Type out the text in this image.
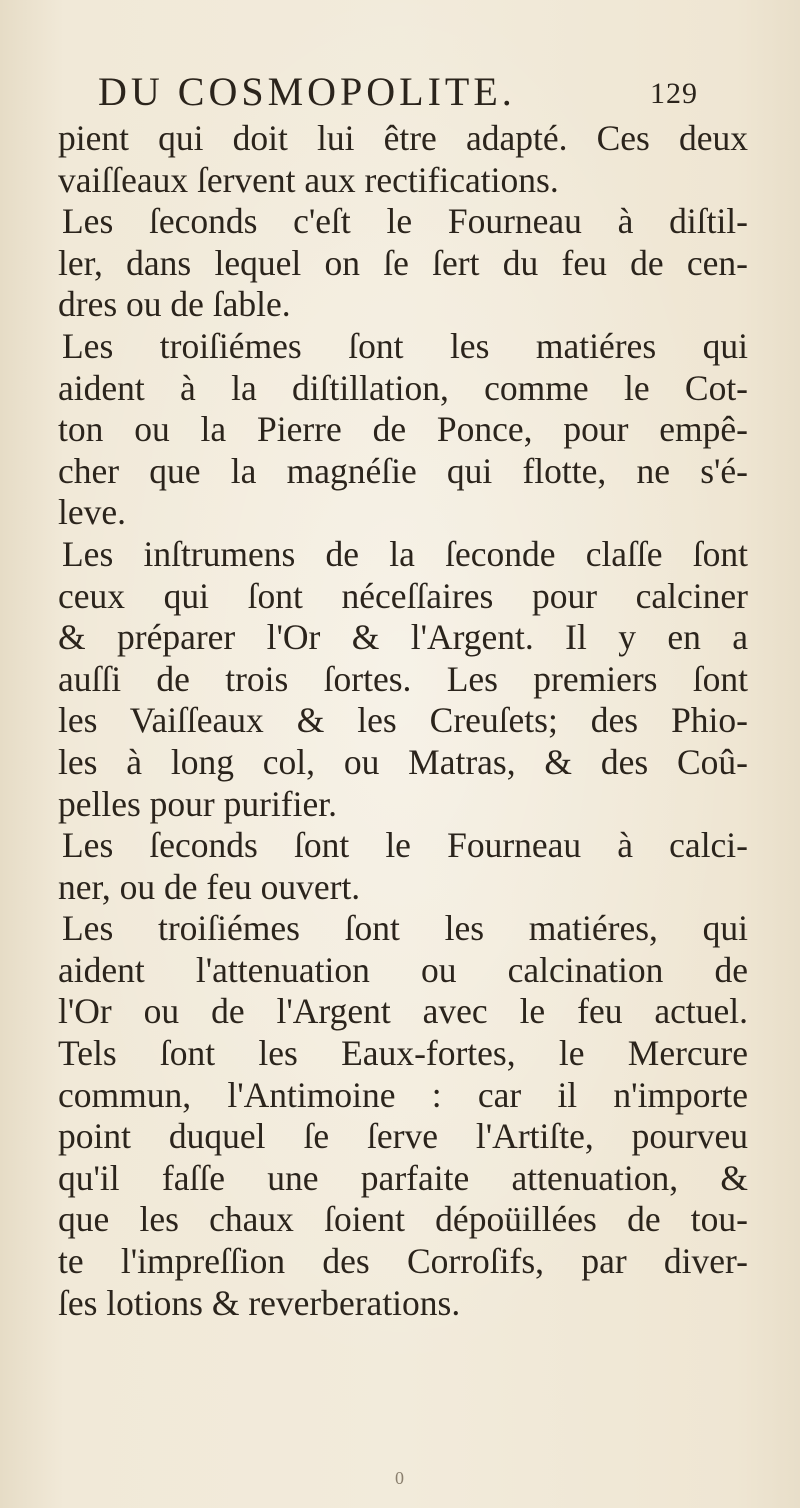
DU COSMOPOLITE.	129
pient qui doit lui être adapté. Ces deux
vaiſſeaux ſervent aux rectifications.
Les ſeconds c'eſt le Fourneau à diſtil-
ler, dans lequel on ſe ſert du feu de cen-
dres ou de ſable.
Les troiſiémes ſont les matiéres qui
aident à la diſtillation, comme le Cot-
ton ou la Pierre de Ponce, pour empê-
cher que la magnéſie qui flotte, ne s'é-
leve.
Les inſtrumens de la ſeconde claſſe ſont
ceux qui ſont néceſſaires pour calciner
& préparer l'Or & l'Argent. Il y en a
auſſi de trois ſortes. Les premiers ſont
les Vaiſſeaux & les Creuſets; des Phio-
les à long col, ou Matras, & des Coû-
pelles pour purifier.
Les ſeconds ſont le Fourneau à calci-
ner, ou de feu ouvert.
Les troiſiémes ſont les matiéres, qui
aident l'attenuation ou calcination de
l'Or ou de l'Argent avec le feu actuel.
Tels ſont les Eaux-fortes, le Mercure
commun, l'Antimoine : car il n'importe
point duquel ſe ſerve l'Artiſte, pourveu
qu'il faſſe une parfaite attenuation, &
que les chaux ſoient dépoüillées de tou-
te l'impreſſion des Corroſifs, par diver-
ſes lotions & reverberations.
0
